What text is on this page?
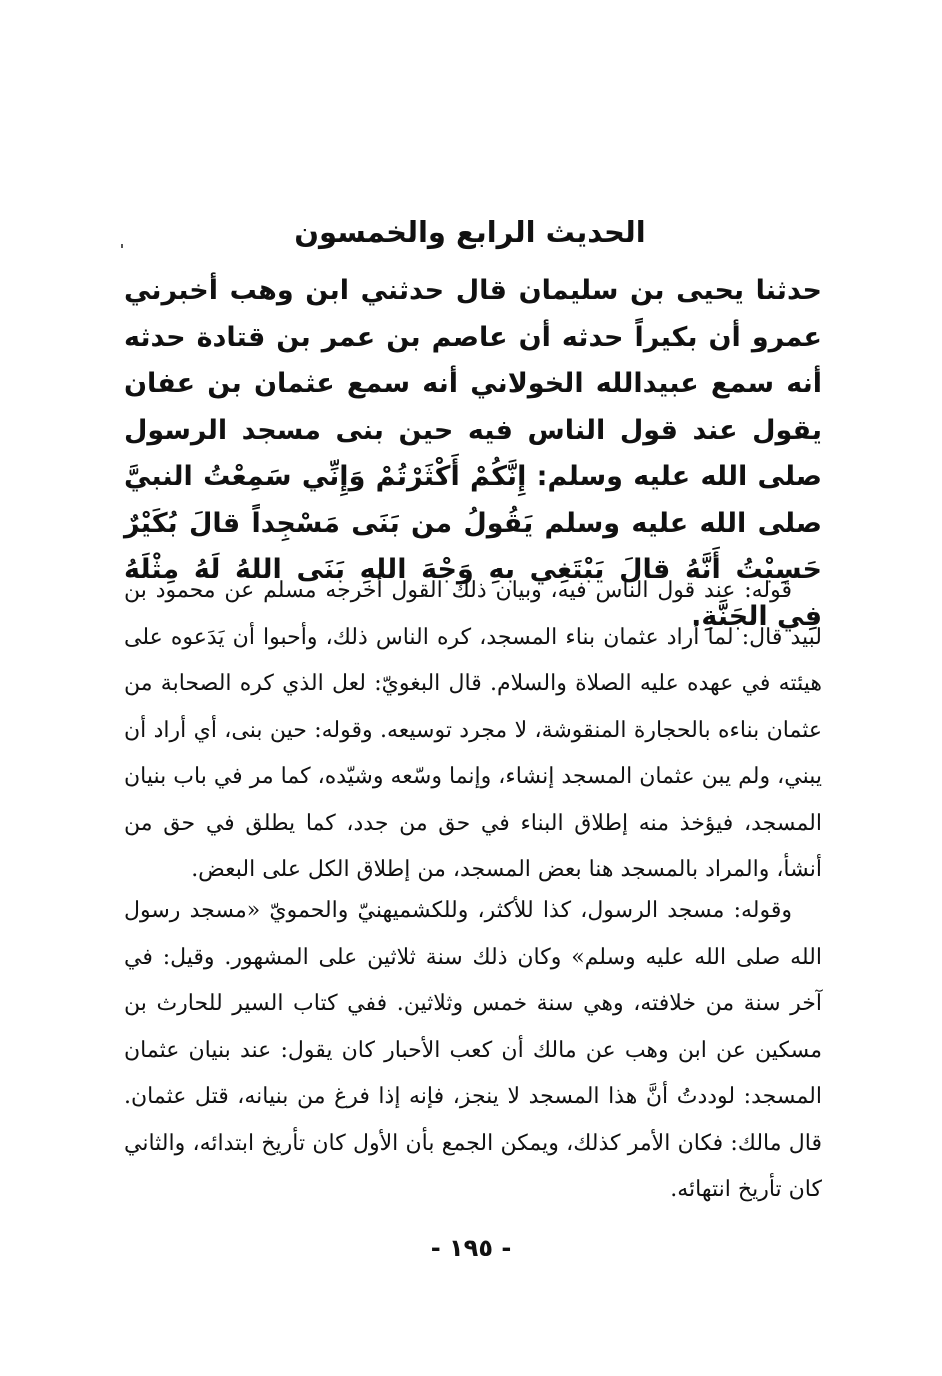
الحديث الرابع والخمسون

حدثنا يحيى بن سليمان قال حدثني ابن وهب أخبرني عمرو أن بكيراً حدثه أن عاصم بن عمر بن قتادة حدثه أنه سمع عبيدالله الخولاني أنه سمع عثمان بن عفان يقول عند قول الناس فيه حين بنى مسجد الرسول صلى الله عليه وسلم: إِنَّكُمْ أَكْثَرْتُمْ وَإِنِّي سَمِعْتُ النبيَّ صلى الله عليه وسلم يَقُولُ من بَنَى مَسْجِداً قالَ بُكَيْرٌ حَسِبْتُ أَنَّهُ قالَ يَبْتَغِي بهِ وَجْهَ اللهِ بَنَى اللهُ لَهُ مِثْلَهُ فِي الجَنَّةِ.

قوله: عند قول الناس فيه، وبيان ذلك القول أخرجه مسلم عن محمود بن لبيد قال: لما أراد عثمان بناء المسجد، كره الناس ذلك، وأحبوا أن يَدَعوه على هيئته في عهده عليه الصلاة والسلام. قال البغويّ: لعل الذي كره الصحابة من عثمان بناءه بالحجارة المنقوشة، لا مجرد توسيعه. وقوله: حين بنى، أي أراد أن يبني، ولم يبن عثمان المسجد إنشاء، وإنما وسّعه وشيّده، كما مر في باب بنيان المسجد، فيؤخذ منه إطلاق البناء في حق من جدد، كما يطلق في حق من أنشأ، والمراد بالمسجد هنا بعض المسجد، من إطلاق الكل على البعض.

وقوله: مسجد الرسول، كذا للأكثر، وللكشميهنيّ والحمويّ «مسجد رسول الله صلى الله عليه وسلم» وكان ذلك سنة ثلاثين على المشهور. وقيل: في آخر سنة من خلافته، وهي سنة خمس وثلاثين. ففي كتاب السير للحارث بن مسكين عن ابن وهب عن مالك أن كعب الأحبار كان يقول: عند بنيان عثمان المسجد: لوددتُ أنَّ هذا المسجد لا ينجز، فإنه إذا فرغ من بنيانه، قتل عثمان. قال مالك: فكان الأمر كذلك، ويمكن الجمع بأن الأول كان تأريخ ابتدائه، والثاني كان تأريخ انتهائه.

- ١٩٥ -
